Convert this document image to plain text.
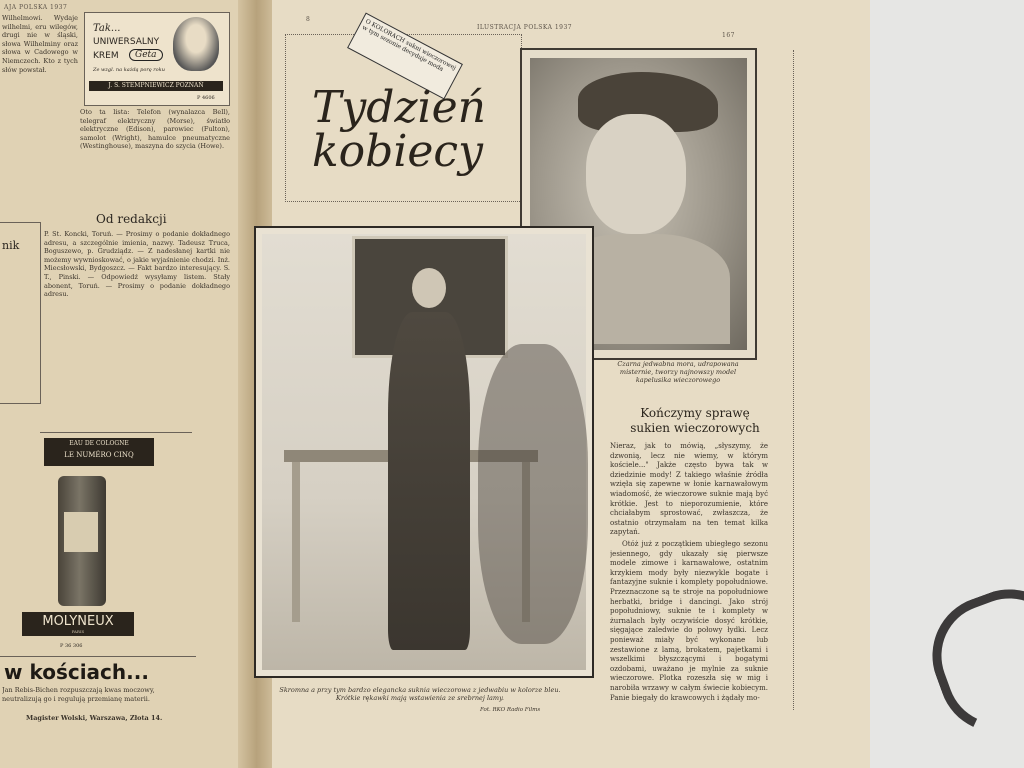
AJA POLSKA 1937
Wilhelmowi. Wydaje wilhelmi, eru wilegów, drugi nie w śląski, słowa Wilhelminy oraz słowa w Cadowego w Niemczech. Kto z tych słów powstał.
Tak...
UNIWERSALNY
KREM	Geta
Ze wzgl. na każdą porę roku
J. S. STEMPNIEWICZ POZNAŃ
P 4606
Oto ta lista: Telefon (wynalazca Bell), telegraf elektryczny (Morse), światło elektryczne (Edison), parowiec (Fulton), samolot (Wright), hamulce pneumatyczne (Westinghouse), maszyna do szycia (Howe).
Od redakcji
P. St. Koncki, Toruń. — Prosimy o podanie dokładnego adresu, a szczególnie imienia, nazwy. Tadeusz Truca, Boguszewo, p. Grudziądz. — Z nadesłanej kartki nie możemy wywnioskować, o jakie wyjaśnienie chodzi. Inż. Miecsłowski, Bydgoszcz. — Fakt bardzo interesujący. S. T., Pinski. — Odpowiedź wysyłamy listem. Stały abonent, Toruń. — Prosimy o podanie dokładnego adresu.
nik
EAU DE COLOGNE
LE NUMÉRO CINQ
MOLYNEUX
PARIS
P 36 306
w kościach...
Jan Rebis-Bichen rozpuszczają kwas moczowy, neutralizują go i regulują przemianę materii.
Magister Wolski, Warszawa, Złota 14.
8
ILUSTRACJA POLSKA 1937
167
O KOLORACH sukni wieczorowej w tym sezonie decyduje moda
Tydzień
kobiecy
Czarna jedwabna mora, udrapowana misternie, tworzy najnowszy model kapelusika wieczorowego
Skromna a przy tym bardzo elegancka suknia wieczorowa z jedwabiu w kolorze bleu. Krótkie rękawki mają wstawienia ze srebrnej lamy.
Fot. RKO Radio Films
Kończymy sprawę
sukien wieczorowych
Nieraz, jak to mówią, „słyszymy, że dzwonią, lecz nie wiemy, w którym kościele..." Jakże często bywa tak w dziedzinie mody! Z takiego właśnie źródła wzięła się zapewne w łonie karnawałowym wiadomość, że wieczorowe suknie mają być krótkie. Jest to nieporozumienie, które chciałabym sprostować, zwłaszcza, że ostatnio otrzymałam na ten temat kilka zapytań.
Otóż już z początkiem ubiegłego sezonu jesiennego, gdy ukazały się pierwsze modele zimowe i karnawałowe, ostatnim krzykiem mody były niezwykle bogate i fantazyjne suknie i komplety popołudniowe. Przeznaczone są te stroje na popołudniowe herbatki, bridge i dancingi. Jako strój popołudniowy, suknie te i komplety w żurnalach były oczywiście dosyć krótkie, sięgające zaledwie do połowy łydki. Lecz ponieważ miały być wykonane lub zestawione z lamą, brokatem, pajetkami i wszelkimi błyszczącymi i bogatymi ozdobami, uważano je mylnie za suknie wieczorowe. Plotka rozeszła się w mig i narobiła wrzawy w całym świecie kobiecym. Panie biegały do krawcowych i żądały mo-
